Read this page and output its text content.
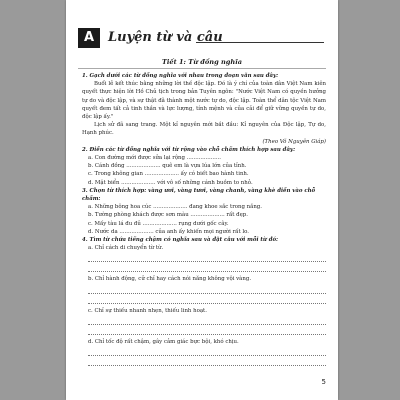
A	Luyện từ và câu
Tiết 1: Từ đồng nghĩa

1. Gạch dưới các từ đồng nghĩa với nhau trong đoạn văn sau đây:

Buổi lễ kết thúc bằng những lời thề độc lập. Đó là ý chí của toàn dân Việt Nam kiên quyết thực hiện lời Hồ Chủ tịch trong bản Tuyên ngôn: "Nước Việt Nam có quyền hưởng tự do và độc lập, và sự thật đã thành một nước tự do, độc lập. Toàn thể dân tộc Việt Nam quyết đem tất cả tinh thần và lực lượng, tính mệnh và của cải để giữ vững quyền tự do, độc lập ấy."

Lịch sử đã sang trang. Một kỉ nguyên mới bắt đầu: Kỉ nguyên của Độc lập, Tự do, Hạnh phúc.

(Theo Võ Nguyên Giáp)

2. Điền các từ đồng nghĩa với từ rộng vào chỗ chấm thích hợp sau đây:

a. Con đường mới được sửa lại rộng ....................

b. Cánh đồng .................... quê em là vựa lúa lớn của tỉnh.

c. Trong không gian .................... ấy có biết bao hành tinh.

d. Mặt biển .................... với vô số những cánh buồm to nhỏ.

3. Chọn từ thích hợp: vàng ươi, vàng tươi, vàng chanh, vàng khè điền vào chỗ chấm:

a. Những bông hoa cúc .................... đang khoe sắc trong nắng.

b. Tường phòng khách được sơn màu .................... rất đẹp.

c. Mấy tàu lá đu đủ .................... rụng dưới gốc cây.

d. Nước da .................... của anh ấy khiến mọi người rất lo.

4. Tìm từ chứa tiếng chậm có nghĩa sau và đặt câu với mỗi từ đó:

a. Chỉ cách di chuyển từ từ.

b. Chỉ hành động, cử chỉ hay cách nói năng không vội vàng.

c. Chỉ sự thiếu nhanh nhẹn, thiếu linh hoạt.

d. Chỉ tốc độ rất chậm, gây cảm giác bực bội, khó chịu.

5
